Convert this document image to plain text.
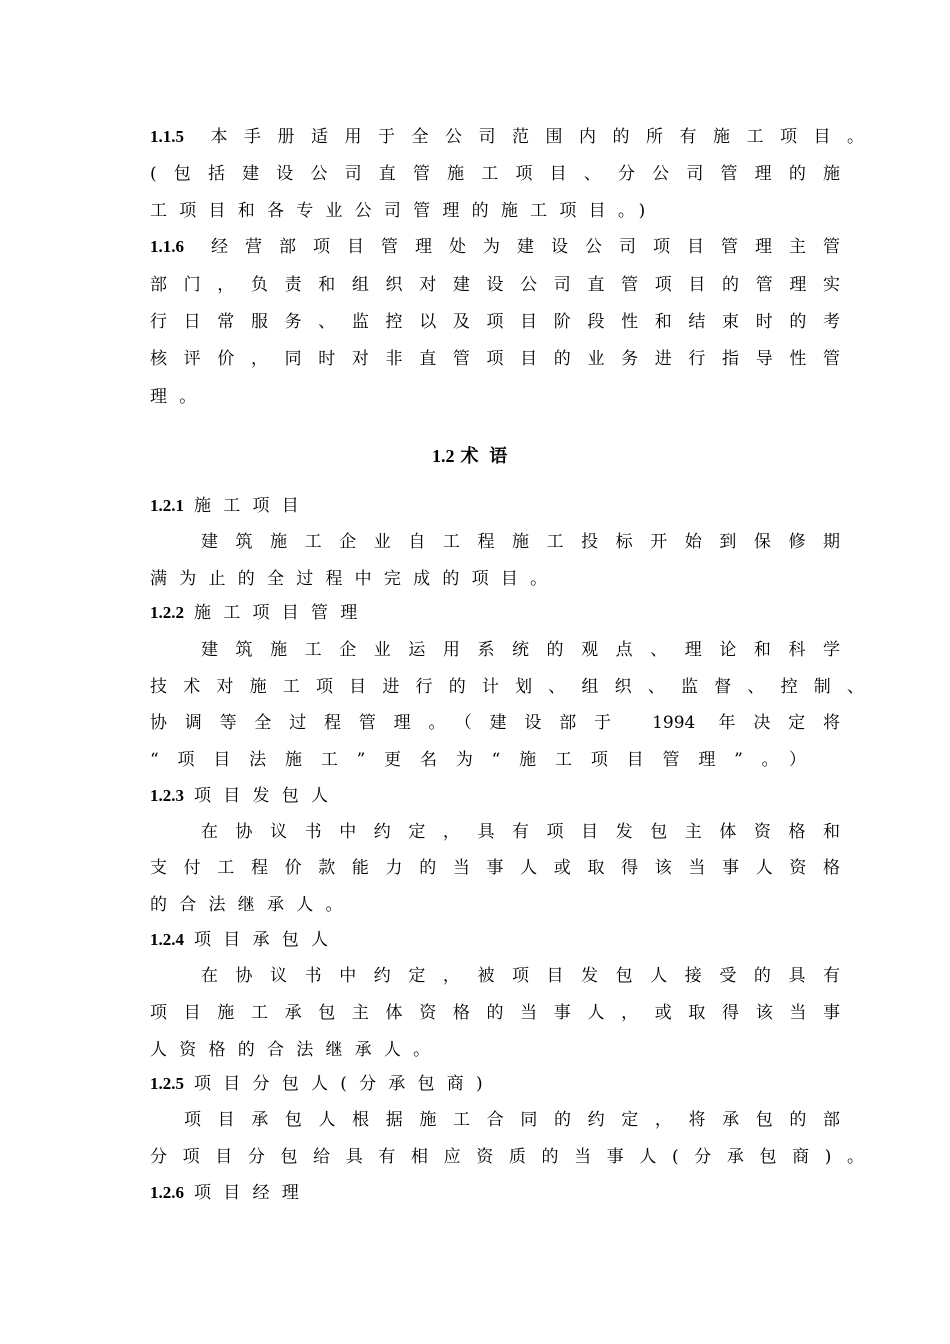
1.1.5 本手册适用于全公司范围内的所有施工项目。
(包括建设公司直管施工项目、分公司管理的施
工项目和各专业公司管理的施工项目。)
1.1.6 经营部项目管理处为建设公司项目管理主管
部门，负责和组织对建设公司直管项目的管理实
行日常服务、监控以及项目阶段性和结束时的考
核评价，同时对非直管项目的业务进行指导性管
理。
1.2 术语
1.2.1 施工项目
建筑施工企业自工程施工投标开始到保修期
满为止的全过程中完成的项目。
1.2.2 施工项目管理
建筑施工企业运用系统的观点、理论和科学
技术对施工项目进行的计划、组织、监督、控制、
协调等全过程管理。（建设部于 1994 年决定将
“项目法施工”更名为“施工项目管理”。）
1.2.3 项目发包人
在协议书中约定，具有项目发包主体资格和
支付工程价款能力的当事人或取得该当事人资格
的合法继承人。
1.2.4 项目承包人
在协议书中约定，被项目发包人接受的具有
项目施工承包主体资格的当事人，或取得该当事
人资格的合法继承人。
1.2.5 项目分包人(分承包商)
项目承包人根据施工合同的约定，将承包的部
分项目分包给具有相应资质的当事人(分承包商)。
1.2.6 项目经理
